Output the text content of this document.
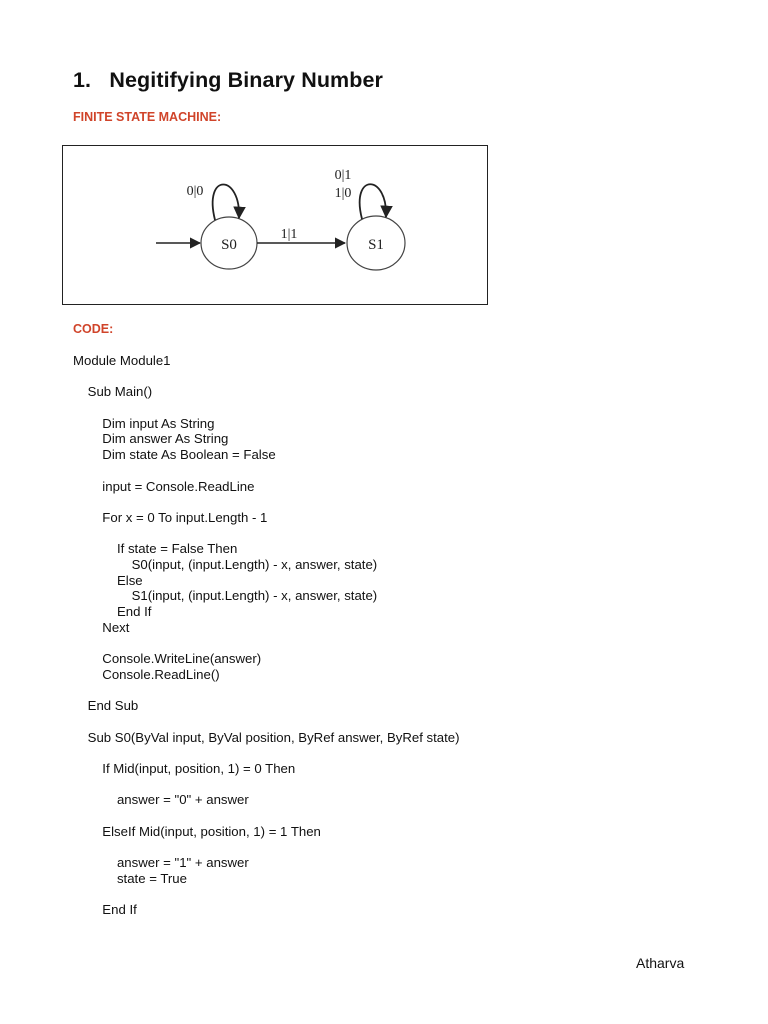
1.   Negitifying Binary Number
FINITE STATE MACHINE:
S0
0|0
1|1
S1
0|1
1|0
CODE:
Module Module1
Sub Main()
Dim input As String
Dim answer As String
Dim state As Boolean = False
input = Console.ReadLine
For x = 0 To input.Length - 1
If state = False Then
S0(input, (input.Length) - x, answer, state)
Else
S1(input, (input.Length) - x, answer, state)
End If
Next
Console.WriteLine(answer)
Console.ReadLine()
End Sub
Sub S0(ByVal input, ByVal position, ByRef answer, ByRef state)
If Mid(input, position, 1) = 0 Then
answer = "0" + answer
ElseIf Mid(input, position, 1) = 1 Then
answer = "1" + answer
state = True
End If
Atharva
